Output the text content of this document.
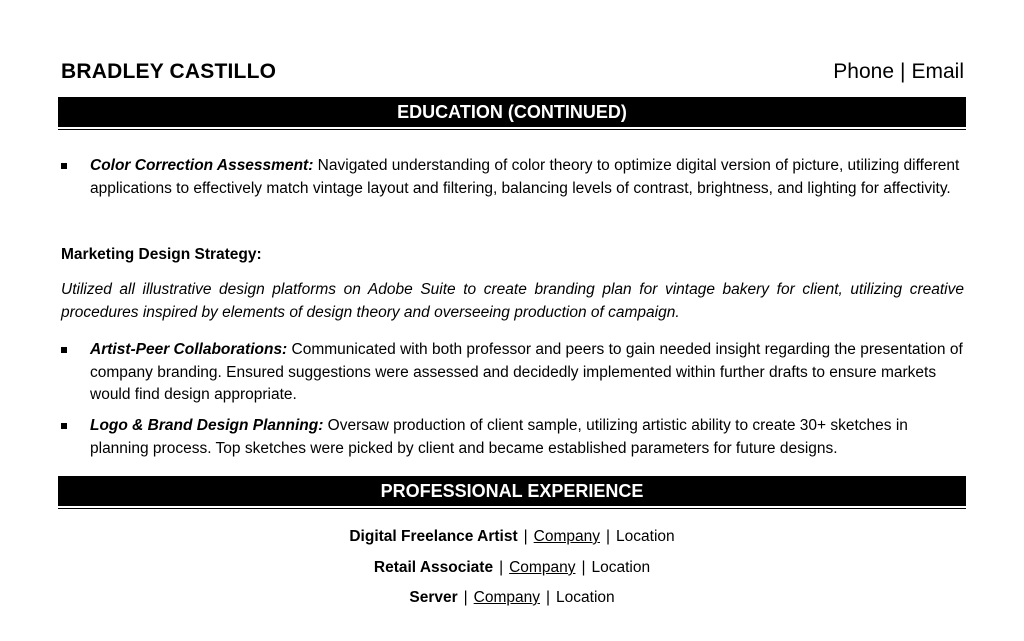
BRADLEY CASTILLO	Phone | Email
EDUCATION (CONTINUED)
Color Correction Assessment: Navigated understanding of color theory to optimize digital version of picture, utilizing different applications to effectively match vintage layout and filtering, balancing levels of contrast, brightness, and lighting for affectivity.
Marketing Design Strategy:
Utilized all illustrative design platforms on Adobe Suite to create branding plan for vintage bakery for client, utilizing creative procedures inspired by elements of design theory and overseeing production of campaign.
Artist-Peer Collaborations: Communicated with both professor and peers to gain needed insight regarding the presentation of company branding. Ensured suggestions were assessed and decidedly implemented within further drafts to ensure markets would find design appropriate.
Logo & Brand Design Planning: Oversaw production of client sample, utilizing artistic ability to create 30+ sketches in planning process. Top sketches were picked by client and became established parameters for future designs.
PROFESSIONAL EXPERIENCE
Digital Freelance Artist | Company | Location
Retail Associate | Company | Location
Server | Company | Location
